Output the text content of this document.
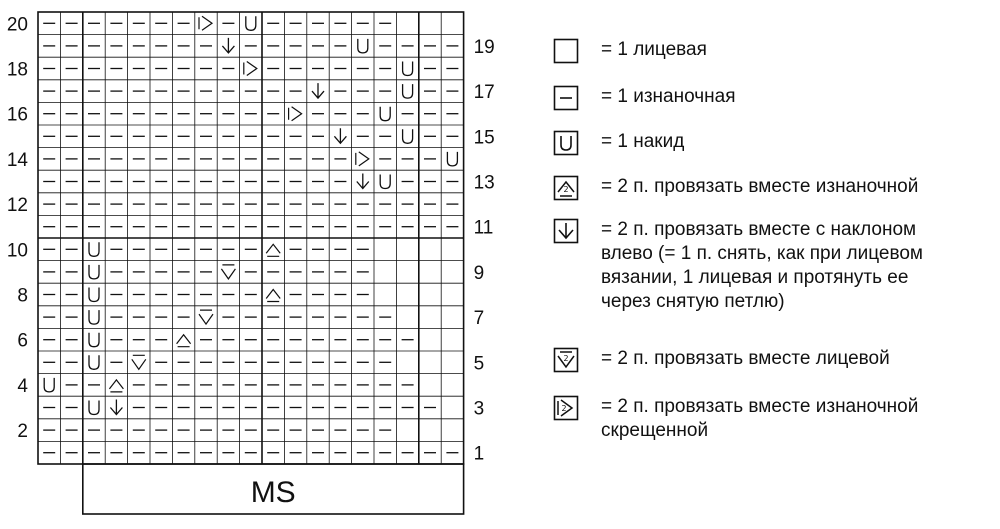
20
18
16
14
12
10
8
6
4
2
19
17
15
13
11
9
7
5
3
1
MS
= 1 лицевая
= 1 изнаночная
= 1 накид
2 = 2 п. провязать вместе изнаночной
= 2 п. провязать вместе с наклоном
влево (= 1 п. снять, как при лицевом
вязании, 1 лицевая и протянуть ее
через снятую петлю)
2 = 2 п. провязать вместе лицевой
2 = 2 п. провязать вместе изнаночной
скрещенной
